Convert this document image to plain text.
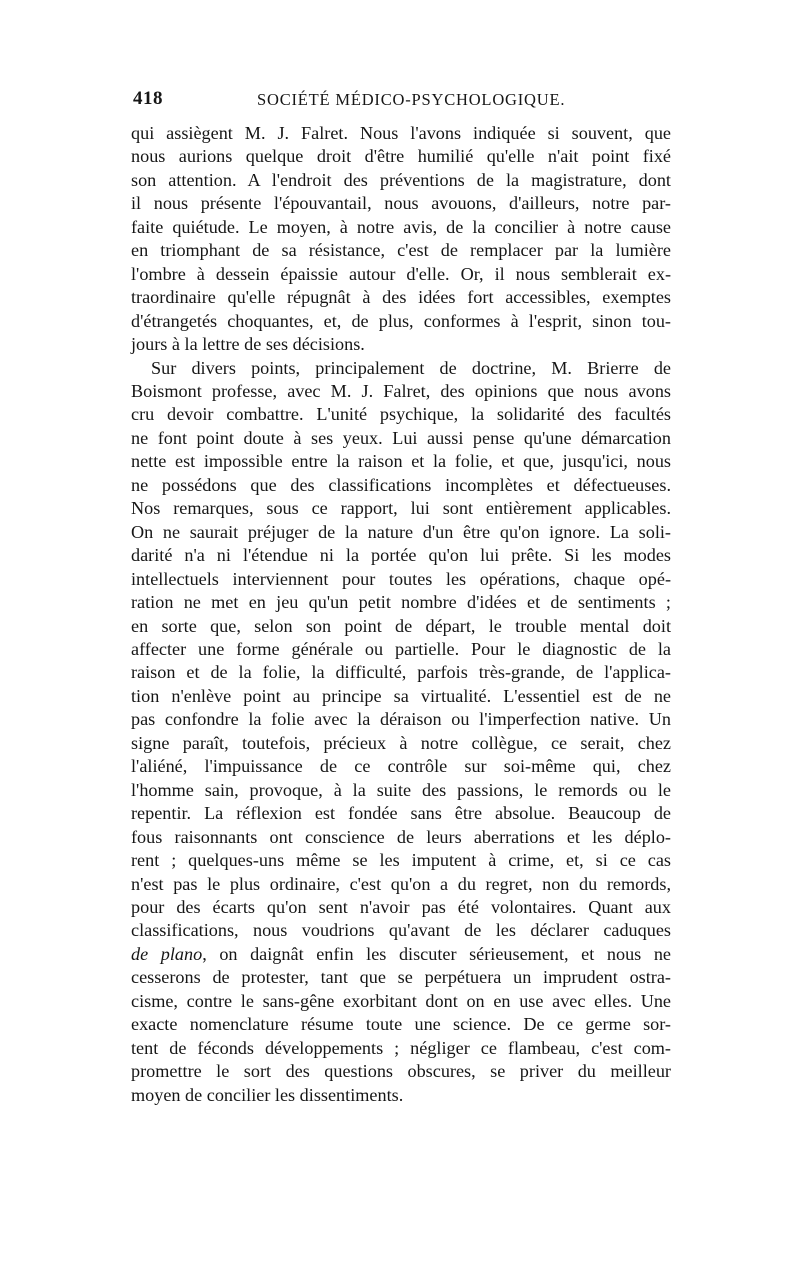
418	SOCIÉTÉ MÉDICO-PSYCHOLOGIQUE.

qui assiègent M. J. Falret. Nous l'avons indiquée si souvent, que
nous aurions quelque droit d'être humilié qu'elle n'ait point fixé
son attention. A l'endroit des préventions de la magistrature, dont
il nous présente l'épouvantail, nous avouons, d'ailleurs, notre par-
faite quiétude. Le moyen, à notre avis, de la concilier à notre cause
en triomphant de sa résistance, c'est de remplacer par la lumière
l'ombre à dessein épaissie autour d'elle. Or, il nous semblerait ex-
traordinaire qu'elle répugnât à des idées fort accessibles, exemptes
d'étrangetés choquantes, et, de plus, conformes à l'esprit, sinon tou-
jours à la lettre de ses décisions.

Sur divers points, principalement de doctrine, M. Brierre de
Boismont professe, avec M. J. Falret, des opinions que nous avons
cru devoir combattre. L'unité psychique, la solidarité des facultés
ne font point doute à ses yeux. Lui aussi pense qu'une démarcation
nette est impossible entre la raison et la folie, et que, jusqu'ici, nous
ne possédons que des classifications incomplètes et défectueuses.
Nos remarques, sous ce rapport, lui sont entièrement applicables.
On ne saurait préjuger de la nature d'un être qu'on ignore. La soli-
darité n'a ni l'étendue ni la portée qu'on lui prête. Si les modes
intellectuels interviennent pour toutes les opérations, chaque opé-
ration ne met en jeu qu'un petit nombre d'idées et de sentiments ;
en sorte que, selon son point de départ, le trouble mental doit
affecter une forme générale ou partielle. Pour le diagnostic de la
raison et de la folie, la difficulté, parfois très-grande, de l'applica-
tion n'enlève point au principe sa virtualité. L'essentiel est de ne
pas confondre la folie avec la déraison ou l'imperfection native. Un
signe paraît, toutefois, précieux à notre collègue, ce serait, chez
l'aliéné, l'impuissance de ce contrôle sur soi-même qui, chez
l'homme sain, provoque, à la suite des passions, le remords ou le
repentir. La réflexion est fondée sans être absolue. Beaucoup de
fous raisonnants ont conscience de leurs aberrations et les déplo-
rent ; quelques-uns même se les imputent à crime, et, si ce cas
n'est pas le plus ordinaire, c'est qu'on a du regret, non du remords,
pour des écarts qu'on sent n'avoir pas été volontaires. Quant aux
classifications, nous voudrions qu'avant de les déclarer caduques
de plano, on daignât enfin les discuter sérieusement, et nous ne
cesserons de protester, tant que se perpétuera un imprudent ostra-
cisme, contre le sans-gêne exorbitant dont on en use avec elles. Une
exacte nomenclature résume toute une science. De ce germe sor-
tent de féconds développements ; négliger ce flambeau, c'est com-
promettre le sort des questions obscures, se priver du meilleur
moyen de concilier les dissentiments.
